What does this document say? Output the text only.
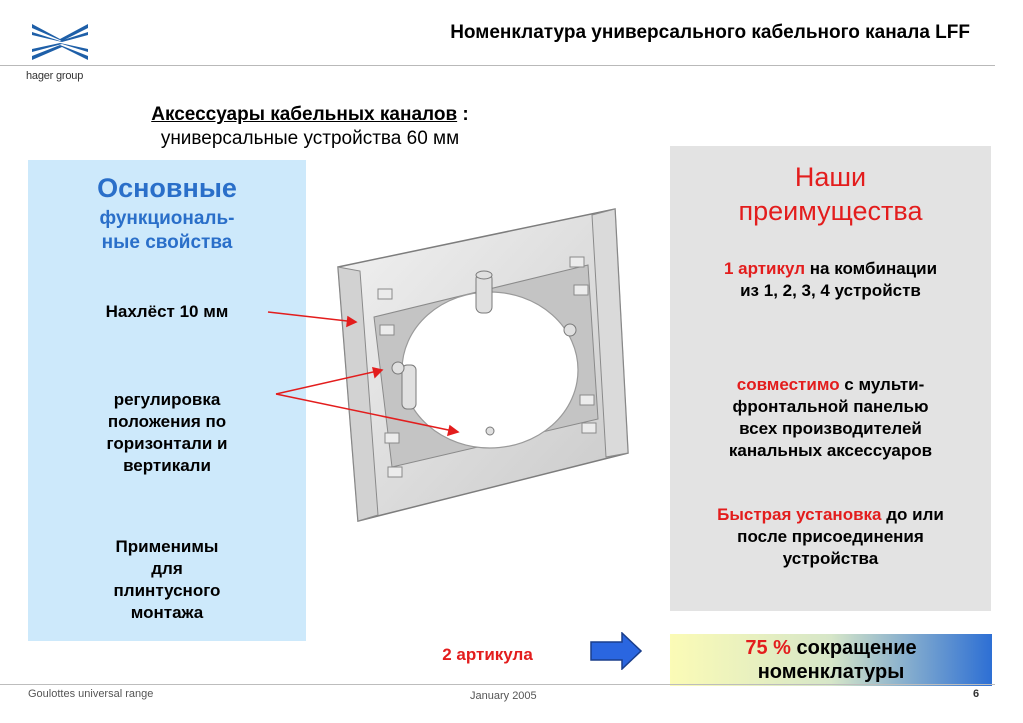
hager group
Номенклатура универсального кабельного канала LFF
Аксессуары кабельных каналов :
универсальные устройства 60 мм
Основные
функциональ-
ные свойства
Нахлёст 10 мм
регулировка
положения по
горизонтали и
вертикали
Применимы
для
плинтусного
монтажа
Наши
преимущества
1 артикул на комбинации
из 1, 2, 3, 4 устройств
совместимо с мульти-
фронтальной панелью
всех производителей
канальных аксессуаров
Быстрая установка до или
после присоединения
устройства
2 артикула	75 % сокращение
номенклатуры
Goulottes universal range	January 2005	6
